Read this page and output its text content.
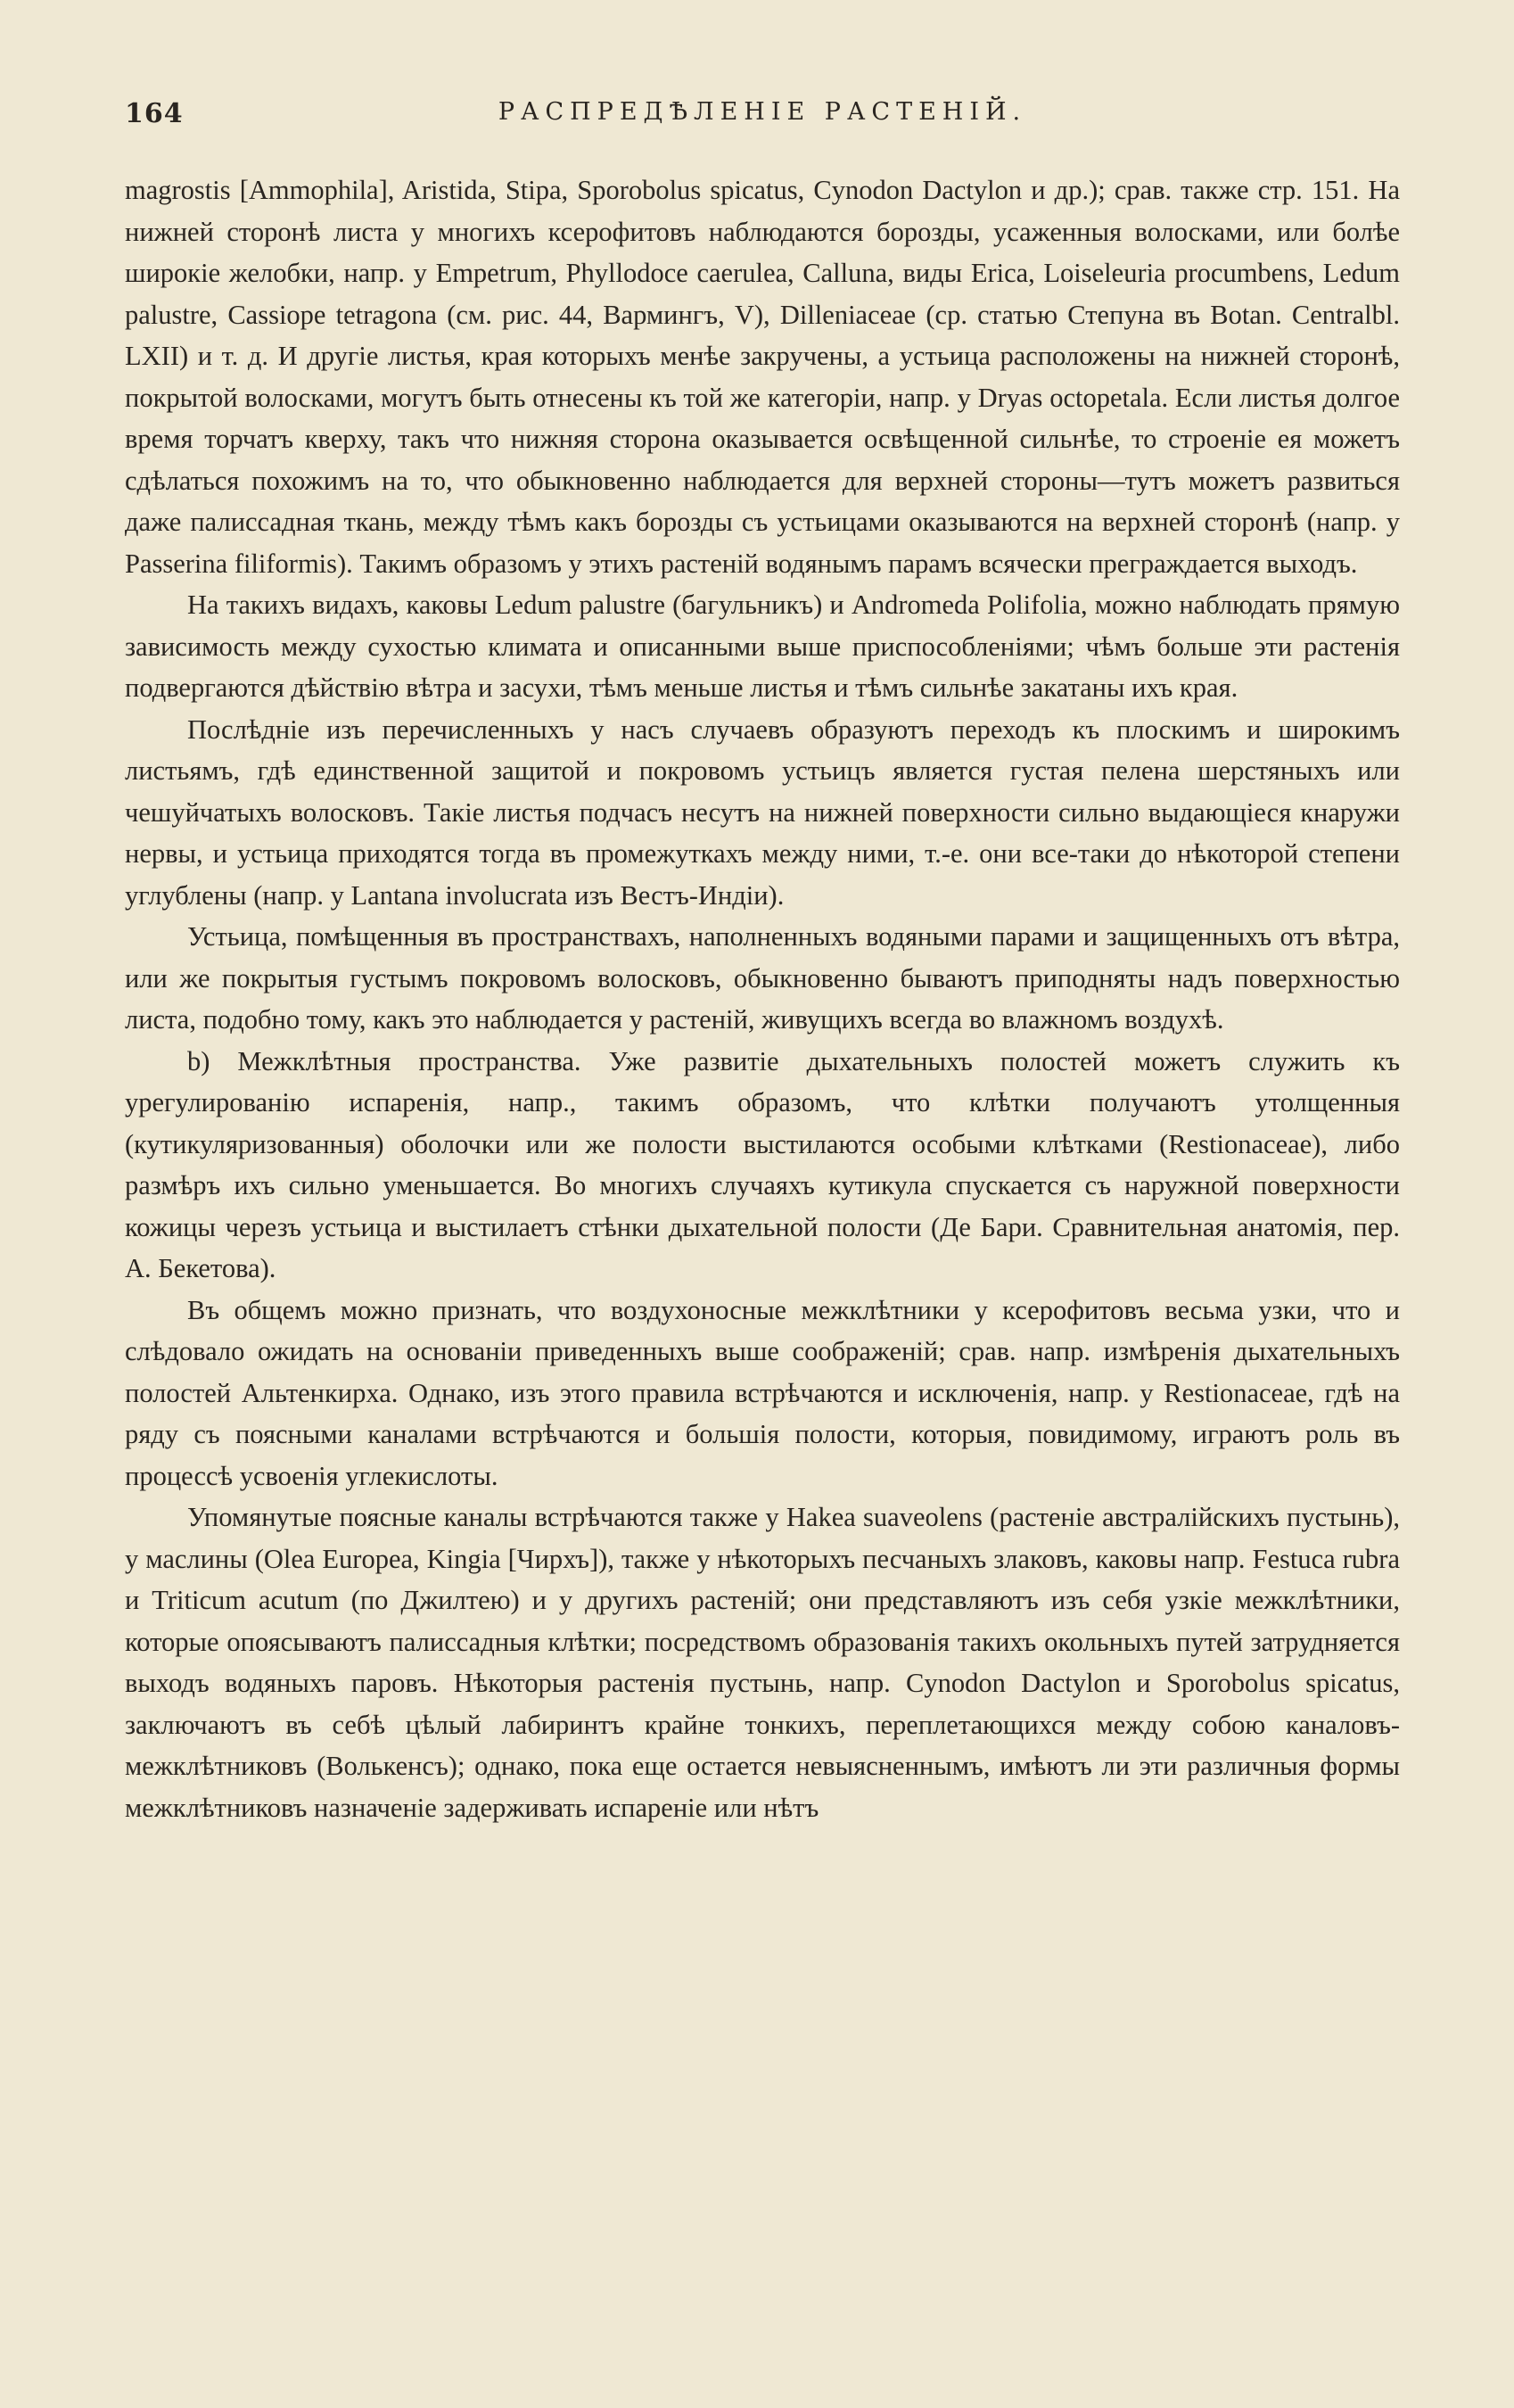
164	РАСПРЕДѢЛЕНІЕ РАСТЕНІЙ.

magrostis [Ammophila], Aristida, Stipa, Sporobolus spicatus, Cynodon Dactylon и др.); срав. также стр. 151. На нижней сторонѣ листа у многихъ ксерофитовъ наблюдаются борозды, усаженныя волосками, или болѣе широкіе желобки, напр. у Empetrum, Phyllodoce caerulea, Calluna, виды Erica, Loiseleuria procumbens, Ledum palustre, Cassiope tetragona (см. рис. 44, Вармингъ, V), Dilleniaceae (ср. статью Степуна въ Botan. Centralbl. LXII) и т. д. И другіе листья, края которыхъ менѣе закручены, а устьица расположены на нижней сторонѣ, покрытой волосками, могутъ быть отнесены къ той же категоріи, напр. у Dryas octopetala. Если листья долгое время торчатъ кверху, такъ что нижняя сторона оказывается освѣщенной сильнѣе, то строеніе ея можетъ сдѣлаться похожимъ на то, что обыкновенно наблюдается для верхней стороны—тутъ можетъ развиться даже палиссадная ткань, между тѣмъ какъ борозды съ устьицами оказываются на верхней сторонѣ (напр. у Passerina filiformis). Такимъ образомъ у этихъ растеній водянымъ парамъ всячески преграждается выходъ.

На такихъ видахъ, каковы Ledum palustre (багульникъ) и Andromeda Polifolia, можно наблюдать прямую зависимость между сухостью климата и описанными выше приспособленіями; чѣмъ больше эти растенія подвергаются дѣйствію вѣтра и засухи, тѣмъ меньше листья и тѣмъ сильнѣе закатаны ихъ края.

Послѣдніе изъ перечисленныхъ у насъ случаевъ образуютъ переходъ къ плоскимъ и широкимъ листьямъ, гдѣ единственной защитой и покровомъ устьицъ является густая пелена шерстяныхъ или чешуйчатыхъ волосковъ. Такіе листья подчасъ несутъ на нижней поверхности сильно выдающіеся кнаружи нервы, и устьица приходятся тогда въ промежуткахъ между ними, т.-е. они все-таки до нѣкоторой степени углублены (напр. у Lantana involucrata изъ Вестъ-Индіи).

Устьица, помѣщенныя въ пространствахъ, наполненныхъ водяными парами и защищенныхъ отъ вѣтра, или же покрытыя густымъ покровомъ волосковъ, обыкновенно бываютъ приподняты надъ поверхностью листа, подобно тому, какъ это наблюдается у растеній, живущихъ всегда во влажномъ воздухѣ.

b) Межклѣтныя пространства. Уже развитіе дыхательныхъ полостей можетъ служить къ урегулированію испаренія, напр., такимъ образомъ, что клѣтки получаютъ утолщенныя (кутикуляризованныя) оболочки или же полости выстилаются особыми клѣтками (Restionaceae), либо размѣръ ихъ сильно уменьшается. Во многихъ случаяхъ кутикула спускается съ наружной поверхности кожицы черезъ устьица и выстилаетъ стѣнки дыхательной полости (Де Бари. Сравнительная анатомія, пер. А. Бекетова).

Въ общемъ можно признать, что воздухоносные межклѣтники у ксерофитовъ весьма узки, что и слѣдовало ожидать на основаніи приведенныхъ выше соображеній; срав. напр. измѣренія дыхательныхъ полостей Альтенкирха. Однако, изъ этого правила встрѣчаются и исключенія, напр. у Restionaceae, гдѣ на ряду съ поясными каналами встрѣчаются и большія полости, которыя, повидимому, играютъ роль въ процессѣ усвоенія углекислоты.

Упомянутые поясные каналы встрѣчаются также у Hakea suaveolens (растеніе австралійскихъ пустынь), у маслины (Olea Europea, Kingia [Чирхъ]), также у нѣкоторыхъ песчаныхъ злаковъ, каковы напр. Festuca rubra и Triticum acutum (по Джилтею) и у другихъ растеній; они представляютъ изъ себя узкіе межклѣтники, которые опоясываютъ палиссадныя клѣтки; посредствомъ образованія такихъ окольныхъ путей затрудняется выходъ водяныхъ паровъ. Нѣкоторыя растенія пустынь, напр. Cynodon Dactylon и Sporobolus spicatus, заключаютъ въ себѣ цѣлый лабиринтъ крайне тонкихъ, переплетающихся между собою каналовъ-межклѣтниковъ (Волькенсъ); однако, пока еще остается невыясненнымъ, имѣютъ ли эти различныя формы межклѣтниковъ назначеніе задерживать испареніе или нѣтъ
